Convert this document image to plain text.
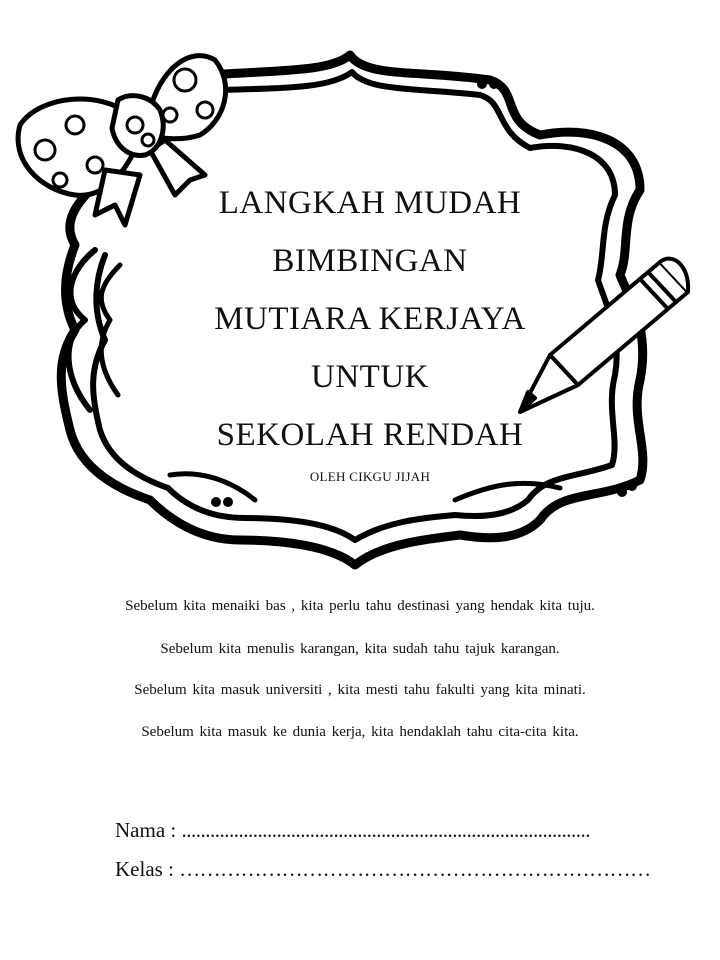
LANGKAH MUDAH
BIMBINGAN
MUTIARA KERJAYA
UNTUK
SEKOLAH RENDAH
OLEH CIKGU JIJAH
Sebelum kita menaiki bas , kita perlu tahu destinasi yang hendak kita tuju.
Sebelum kita menulis karangan, kita sudah tahu tajuk karangan.
Sebelum kita masuk universiti , kita mesti tahu fakulti yang kita minati.
Sebelum kita masuk ke dunia kerja, kita hendaklah tahu cita-cita kita.
Nama : ......................................................................................
Kelas : ……………………………………………………………
